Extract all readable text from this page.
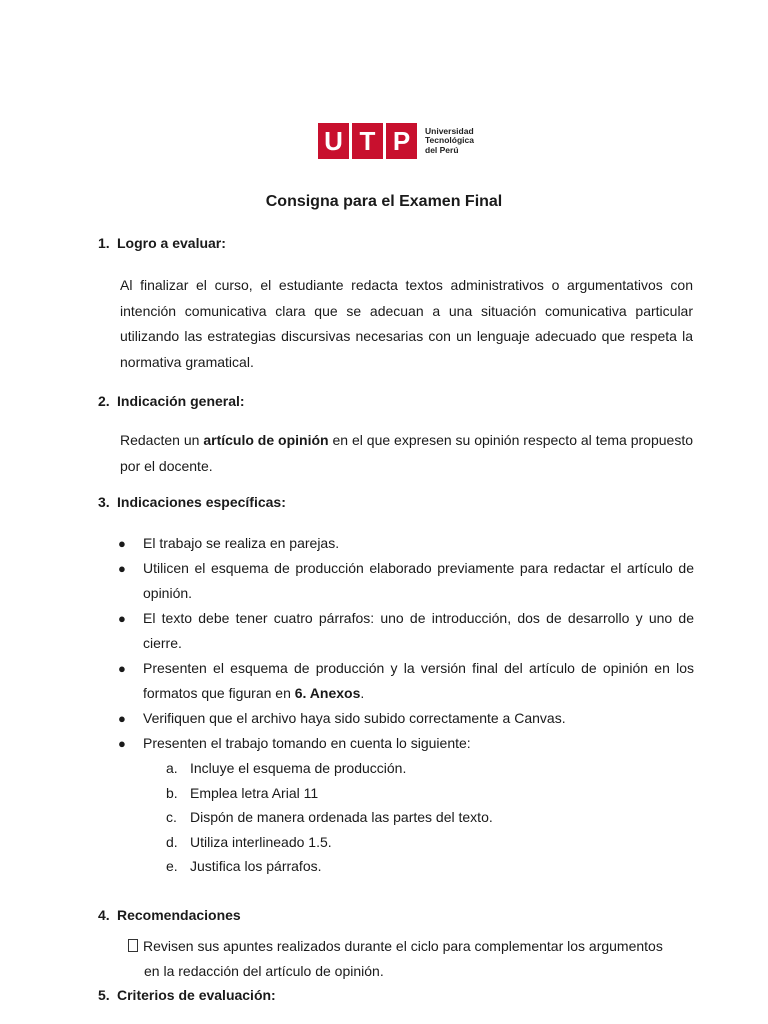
U T P	Universidad
Tecnológica
del Perú
Consigna para el Examen Final
1. Logro a evaluar:
Al finalizar el curso, el estudiante redacta textos administrativos o argumentativos con intención comunicativa clara que se adecuan a una situación comunicativa particular utilizando las estrategias discursivas necesarias con un lenguaje adecuado que respeta la normativa gramatical.
2. Indicación general:
Redacten un artículo de opinión en el que expresen su opinión respecto al tema propuesto por el docente.
3. Indicaciones específicas:
● El trabajo se realiza en parejas.
● Utilicen el esquema de producción elaborado previamente para redactar el artículo de opinión.
● El texto debe tener cuatro párrafos: uno de introducción, dos de desarrollo y uno de cierre.
● Presenten el esquema de producción y la versión final del artículo de opinión en los formatos que figuran en 6. Anexos.
● Verifiquen que el archivo haya sido subido correctamente a Canvas.
● Presenten el trabajo tomando en cuenta lo siguiente:
a. Incluye el esquema de producción.
b. Emplea letra Arial 11
c. Dispón de manera ordenada las partes del texto.
d. Utiliza interlineado 1.5.
e. Justifica los párrafos.
4. Recomendaciones
Revisen sus apuntes realizados durante el ciclo para complementar los argumentos
en la redacción del artículo de opinión.
5. Criterios de evaluación:
